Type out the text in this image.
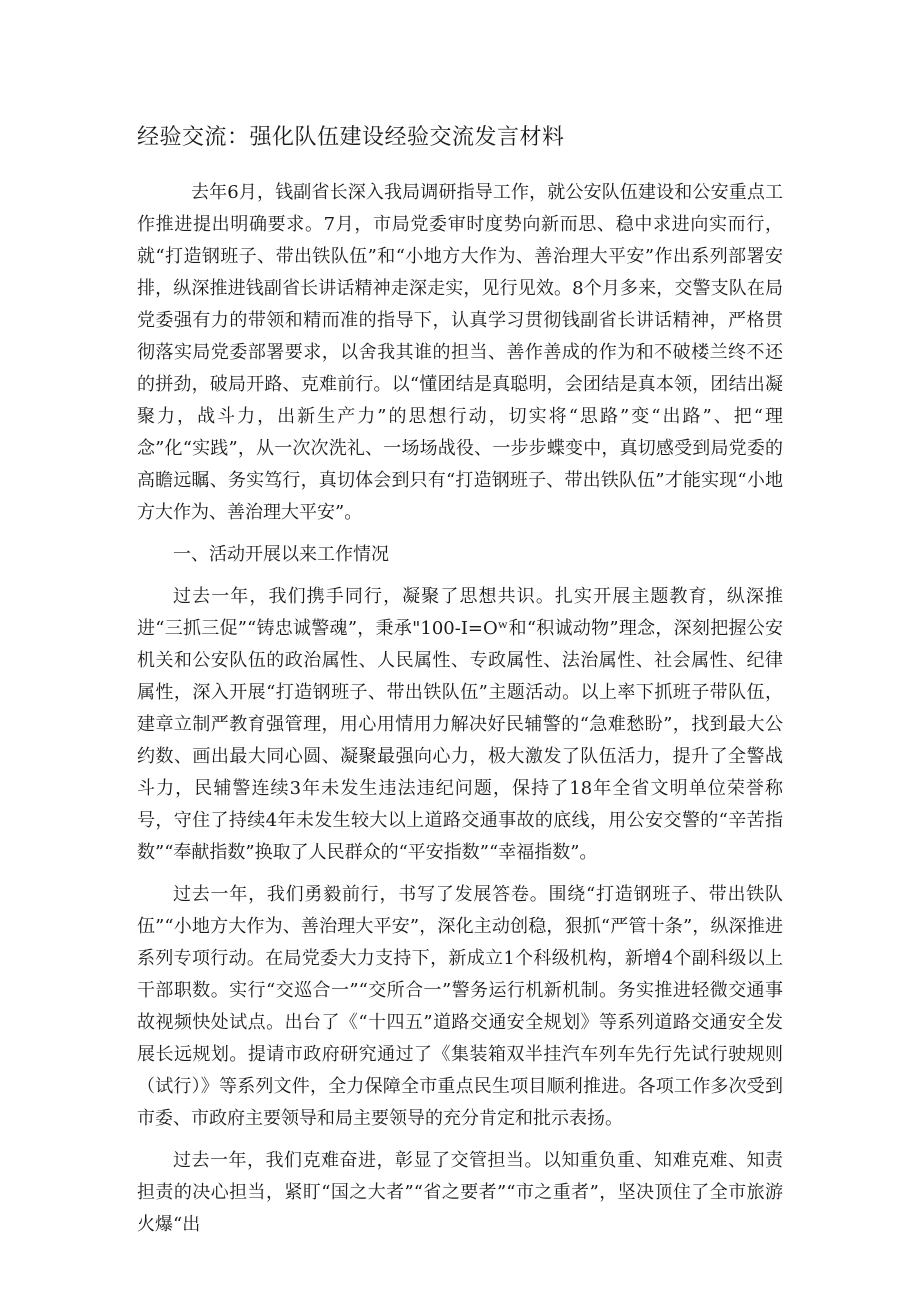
经验交流：强化队伍建设经验交流发言材料

去年6月，钱副省长深入我局调研指导工作，就公安队伍建设和公安重点工作推进提出明确要求。7月，市局党委审时度势向新而思、稳中求进向实而行，就“打造钢班子、带出铁队伍”和“小地方大作为、善治理大平安”作出系列部署安排，纵深推进钱副省长讲话精神走深走实，见行见效。8个月多来，交警支队在局党委强有力的带领和精而准的指导下，认真学习贯彻钱副省长讲话精神，严格贯彻落实局党委部署要求，以舍我其谁的担当、善作善成的作为和不破楼兰终不还的拼劲，破局开路、克难前行。以“懂团结是真聪明，会团结是真本领，团结出凝聚力，战斗力，出新生产力”的思想行动，切实将“思路”变“出路”、把“理念”化“实践”，从一次次洗礼、一场场战役、一步步蝶变中，真切感受到局党委的高瞻远瞩、务实笃行，真切体会到只有“打造钢班子、带出铁队伍”才能实现“小地方大作为、善治理大平安”。

一、活动开展以来工作情况

过去一年，我们携手同行，凝聚了思想共识。扎实开展主题教育，纵深推进“三抓三促”“铸忠诚警魂”，秉承"100-I=Oʷ和“积诚动物”理念，深刻把握公安机关和公安队伍的政治属性、人民属性、专政属性、法治属性、社会属性、纪律属性，深入开展“打造钢班子、带出铁队伍”主题活动。以上率下抓班子带队伍，建章立制严教育强管理，用心用情用力解决好民辅警的“急难愁盼”，找到最大公约数、画出最大同心圆、凝聚最强向心力，极大激发了队伍活力，提升了全警战斗力，民辅警连续3年未发生违法违纪问题，保持了18年全省文明单位荣誉称号，守住了持续4年未发生较大以上道路交通事故的底线，用公安交警的“辛苦指数”“奉献指数”换取了人民群众的“平安指数”“幸福指数”。

过去一年，我们勇毅前行，书写了发展答卷。围绕“打造钢班子、带出铁队伍”“小地方大作为、善治理大平安”，深化主动创稳，狠抓“严管十条”，纵深推进系列专项行动。在局党委大力支持下，新成立1个科级机构，新增4个副科级以上干部职数。实行“交巡合一”“交所合一”警务运行机新机制。务实推进轻微交通事故视频快处试点。出台了《“十四五”道路交通安全规划》等系列道路交通安全发展长远规划。提请市政府研究通过了《集装箱双半挂汽车列车先行先试行驶规则（试行）》等系列文件，全力保障全市重点民生项目顺利推进。各项工作多次受到市委、市政府主要领导和局主要领导的充分肯定和批示表扬。

过去一年，我们克难奋进，彰显了交管担当。以知重负重、知难克难、知责担责的决心担当，紧盯“国之大者”“省之要者”“市之重者”，坚决顶住了全市旅游火爆“出
